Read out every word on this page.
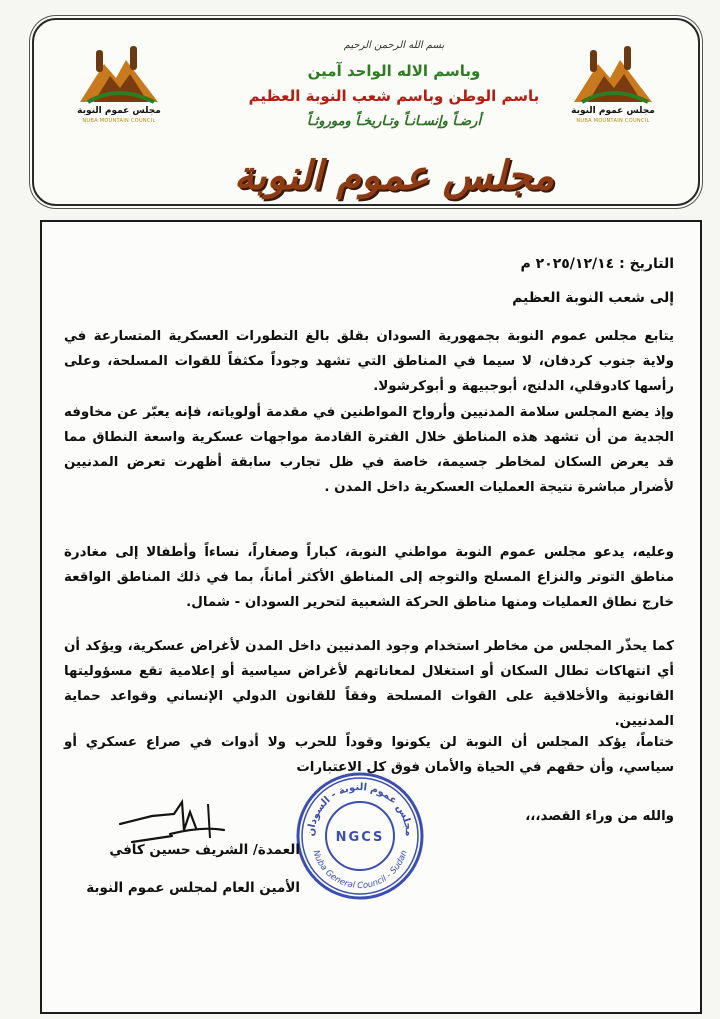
مجلس عموم النوبة
NUBA MOUNTAIN COUNCIL
مجلس عموم النوبة
NUBA MOUNTAIN COUNCIL
بسم الله الرحمن الرحيم
وباسم الاله الواحد آمين
باسم الوطن وباسم شعب النوبة العظيم
أرضـاً وإنسـانـاً وتـاريخـاً وموروثـاً
مجلس عموم النوبة
التاريخ : ٢٠٢٥/١٢/١٤ م
إلى شعب النوبة العظيم
يتابع مجلس عموم النوبة بجمهورية السودان بقلق بالغ التطورات العسكرية المتسارعة في ولاية جنوب كردفان، لا سيما في المناطق التي تشهد وجوداً مكثفاً للقوات المسلحة، وعلى رأسها كادوقلي، الدلنج، أبوجبيهة و أبوكرشولا.
وإذ يضع المجلس سلامة المدنيين وأرواح المواطنين في مقدمة أولوياته، فإنه يعبّر عن مخاوفه الجدية من أن تشهد هذه المناطق خلال الفترة القادمة مواجهات عسكرية واسعة النطاق مما قد يعرض السكان لمخاطر جسيمة، خاصة في ظل تجارب سابقة أظهرت تعرض المدنيين لأضرار مباشرة نتيجة العمليات العسكرية داخل المدن .
وعليه، يدعو مجلس عموم النوبة مواطني النوبة، كباراً وصغاراً، نساءاً وأطفالا إلى مغادرة مناطق التوتر والنزاع المسلح والتوجه إلى المناطق الأكثر أماناً، بما في ذلك المناطق الواقعة خارج نطاق العمليات ومنها مناطق الحركة الشعبية لتحرير السودان - شمال.
كما يحذّر المجلس من مخاطر استخدام وجود المدنيين داخل المدن لأغراض عسكرية، ويؤكد أن أي انتهاكات تطال السكان أو استغلال لمعاناتهم لأغراض سياسية أو إعلامية تقع مسؤوليتها القانونية والأخلاقية على القوات المسلحة وفقاً للقانون الدولي الإنساني وقواعد حماية المدنيين.
ختاماً، يؤكد المجلس أن النوبة لن يكونوا وقوداً للحرب ولا أدوات في صراع عسكري أو سياسي، وأن حقهم في الحياة والأمان فوق كل الاعتبارات
والله من وراء القصد،،،
مجلس عموم النوبة - السودان
Nuba General Council - Sudan
NGCS
العمدة/ الشريف حسين كافي
الأمين العام لمجلس عموم النوبة
